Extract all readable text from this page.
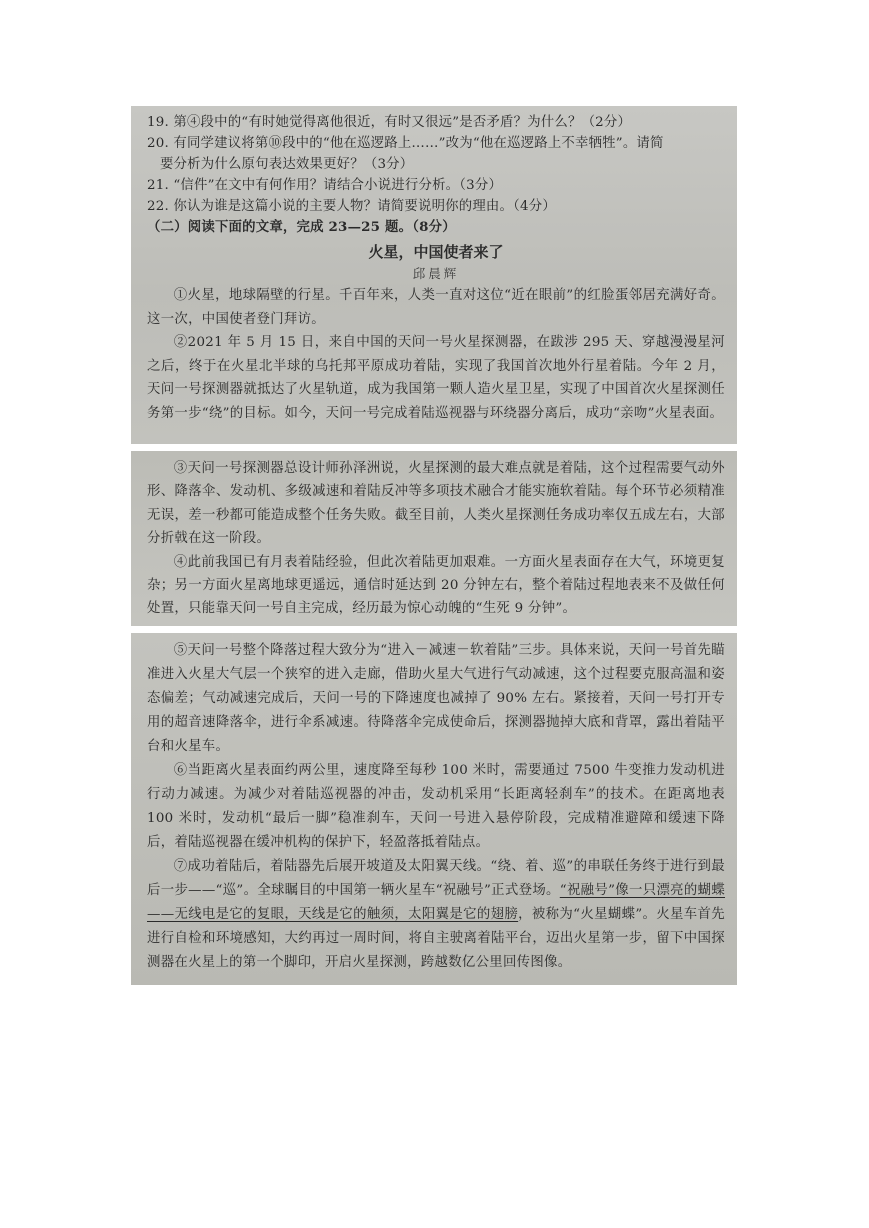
19. 第④段中的“有时她觉得离他很近，有时又很远”是否矛盾？为什么？（2分）
20. 有同学建议将第⑩段中的“他在巡逻路上……”改为“他在巡逻路上不幸牺牲”。请简
要分析为什么原句表达效果更好？（3分）
21. “信件”在文中有何作用？请结合小说进行分析。（3分）
22. 你认为谁是这篇小说的主要人物？请简要说明你的理由。（4分）
（二）阅读下面的文章，完成 23—25 题。（8分）
火星，中国使者来了
邱晨辉
①火星，地球隔壁的行星。千百年来，人类一直对这位“近在眼前”的红脸蛋邻居充满好奇。这一次，中国使者登门拜访。
②2021 年 5 月 15 日，来自中国的天问一号火星探测器，在跋涉 295 天、穿越漫漫星河之后，终于在火星北半球的乌托邦平原成功着陆，实现了我国首次地外行星着陆。今年 2 月，天问一号探测器就抵达了火星轨道，成为我国第一颗人造火星卫星，实现了中国首次火星探测任务第一步“绕”的目标。如今，天问一号完成着陆巡视器与环绕器分离后，成功“亲吻”火星表面。
③天问一号探测器总设计师孙泽洲说，火星探测的最大难点就是着陆，这个过程需要气动外形、降落伞、发动机、多级减速和着陆反冲等多项技术融合才能实施软着陆。每个环节必须精准无误，差一秒都可能造成整个任务失败。截至目前，人类火星探测任务成功率仅五成左右，大部分折戟在这一阶段。
④此前我国已有月表着陆经验，但此次着陆更加艰难。一方面火星表面存在大气，环境更复杂；另一方面火星离地球更遥远，通信时延达到 20 分钟左右，整个着陆过程地表来不及做任何处置，只能靠天问一号自主完成，经历最为惊心动魄的“生死 9 分钟”。
⑤天问一号整个降落过程大致分为“进入－减速－软着陆”三步。具体来说，天问一号首先瞄准进入火星大气层一个狭窄的进入走廊，借助火星大气进行气动减速，这个过程要克服高温和姿态偏差；气动减速完成后，天问一号的下降速度也减掉了 90% 左右。紧接着，天问一号打开专用的超音速降落伞，进行伞系减速。待降落伞完成使命后，探测器抛掉大底和背罩，露出着陆平台和火星车。
⑥当距离火星表面约两公里，速度降至每秒 100 米时，需要通过 7500 牛变推力发动机进行动力减速。为减少对着陆巡视器的冲击，发动机采用“长距离轻刹车”的技术。在距离地表 100 米时，发动机“最后一脚”稳准刹车，天问一号进入悬停阶段，完成精准避障和缓速下降后，着陆巡视器在缓冲机构的保护下，轻盈落抵着陆点。
⑦成功着陆后，着陆器先后展开坡道及太阳翼天线。“绕、着、巡”的串联任务终于进行到最后一步——“巡”。全球瞩目的中国第一辆火星车“祝融号”正式登场。“祝融号”像一只漂亮的蝴蝶——无线电是它的复眼，天线是它的触须，太阳翼是它的翅膀，被称为“火星蝴蝶”。火星车首先进行自检和环境感知，大约再过一周时间，将自主驶离着陆平台，迈出火星第一步，留下中国探测器在火星上的第一个脚印，开启火星探测，跨越数亿公里回传图像。
